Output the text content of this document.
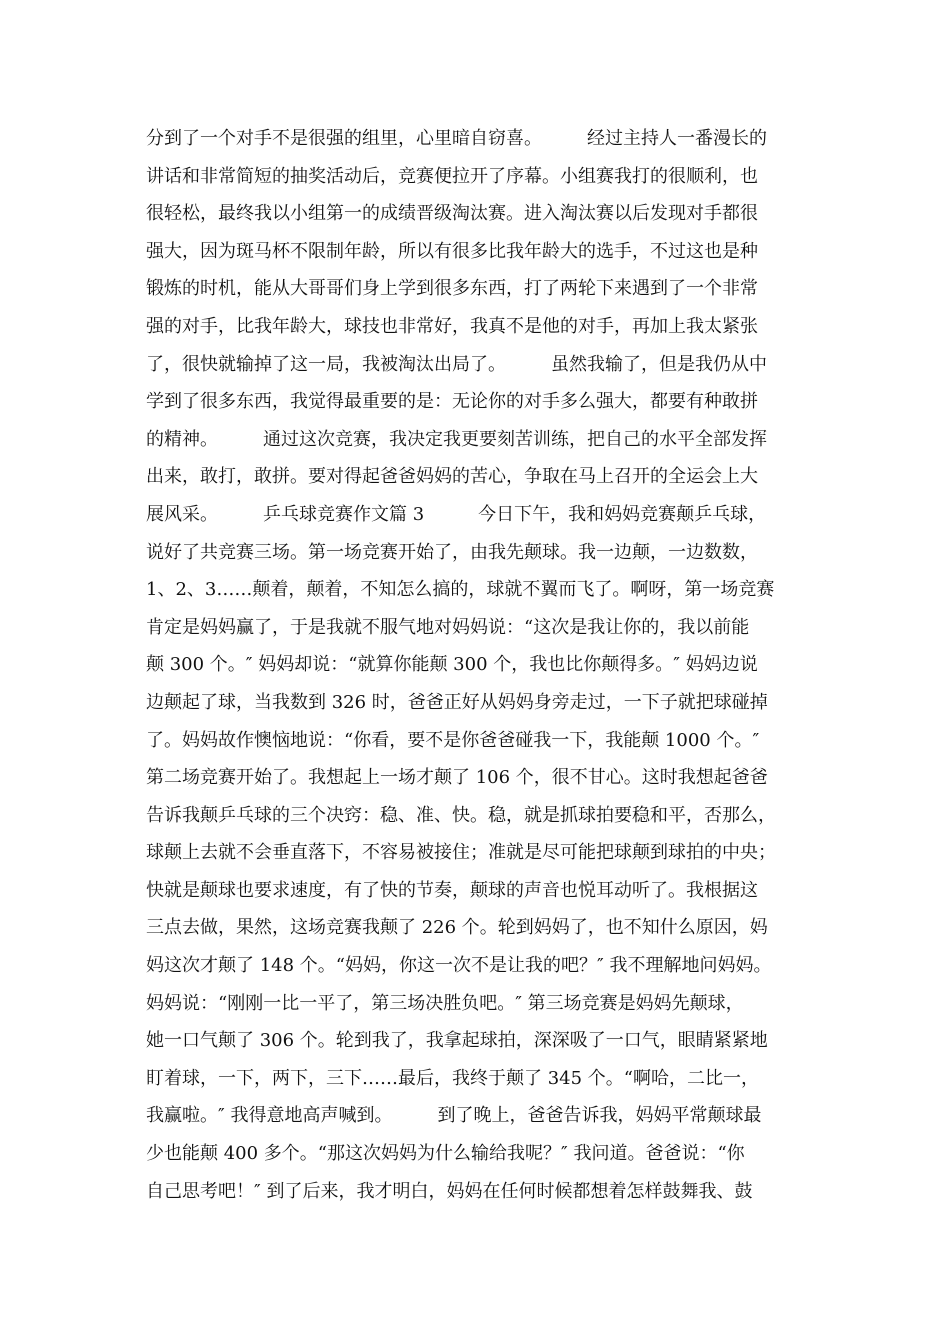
分到了一个对手不是很强的组里，心里暗自窃喜。　　　经过主持人一番漫长的
讲话和非常简短的抽奖活动后，竞赛便拉开了序幕。小组赛我打的很顺利，也
很轻松，最终我以小组第一的成绩晋级淘汰赛。进入淘汰赛以后发现对手都很
强大，因为斑马杯不限制年龄，所以有很多比我年龄大的选手，不过这也是种
锻炼的时机，能从大哥哥们身上学到很多东西，打了两轮下来遇到了一个非常
强的对手，比我年龄大，球技也非常好，我真不是他的对手，再加上我太紧张
了，很快就输掉了这一局，我被淘汰出局了。　　　虽然我输了，但是我仍从中
学到了很多东西，我觉得最重要的是：无论你的对手多么强大，都要有种敢拼
的精神。　　　通过这次竞赛，我决定我更要刻苦训练，把自己的水平全部发挥
出来，敢打，敢拼。要对得起爸爸妈妈的苦心，争取在马上召开的全运会上大
展风采。　　　乒乓球竞赛作文篇 3　　　今日下午，我和妈妈竞赛颠乒乓球，
说好了共竞赛三场。第一场竞赛开始了，由我先颠球。我一边颠，一边数数，
1、2、3……颠着，颠着，不知怎么搞的，球就不翼而飞了。啊呀，第一场竞赛
肯定是妈妈赢了，于是我就不服气地对妈妈说：“这次是我让你的，我以前能
颠 300 个。″ 妈妈却说：“就算你能颠 300 个，我也比你颠得多。″ 妈妈边说
边颠起了球，当我数到 326 时，爸爸正好从妈妈身旁走过，一下子就把球碰掉
了。妈妈故作懊恼地说：“你看，要不是你爸爸碰我一下，我能颠 1000 个。″
第二场竞赛开始了。我想起上一场才颠了 106 个，很不甘心。这时我想起爸爸
告诉我颠乒乓球的三个决窍：稳、准、快。稳，就是抓球拍要稳和平，否那么，
球颠上去就不会垂直落下，不容易被接住；准就是尽可能把球颠到球拍的中央；
快就是颠球也要求速度，有了快的节奏，颠球的声音也悦耳动听了。我根据这
三点去做，果然，这场竞赛我颠了 226 个。轮到妈妈了，也不知什么原因，妈
妈这次才颠了 148 个。“妈妈，你这一次不是让我的吧？″ 我不理解地问妈妈。
妈妈说：“刚刚一比一平了，第三场决胜负吧。″ 第三场竞赛是妈妈先颠球，
她一口气颠了 306 个。轮到我了，我拿起球拍，深深吸了一口气，眼睛紧紧地
盯着球，一下，两下，三下……最后，我终于颠了 345 个。“啊哈，二比一，
我赢啦。″ 我得意地高声喊到。　　　到了晚上，爸爸告诉我，妈妈平常颠球最
少也能颠 400 多个。“那这次妈妈为什么输给我呢？″ 我问道。爸爸说：“你
自己思考吧！″ 到了后来，我才明白，妈妈在任何时候都想着怎样鼓舞我、鼓
